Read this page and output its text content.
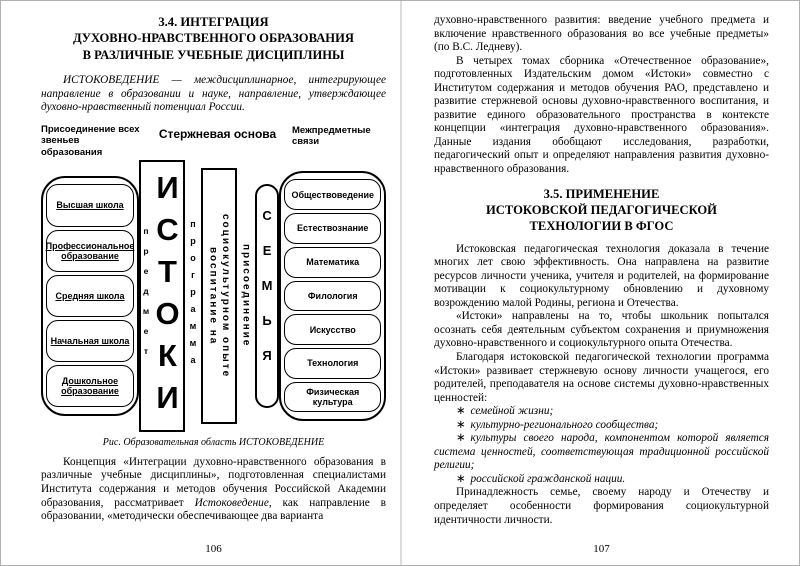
3.4. ИНТЕГРАЦИЯ
ДУХОВНО-НРАВСТВЕННОГО ОБРАЗОВАНИЯ
В РАЗЛИЧНЫЕ УЧЕБНЫЕ ДИСЦИПЛИНЫ

ИСТОКОВЕДЕНИЕ — междисциплинарное, интегрирующее направление в образовании и науке, направление, утверждающее духовно-нравственный потенциал России.

Присоединение всех звеньев образования
Стержневая основа	Межпредметные связи
Высшая школа
Профессиональное образование
Средняя школа
Начальная школа
Дошкольное образование
предмет ИСТОКИ программа воспитание на социокультурном опыте присоединение СЕМЬЯ
Обществоведение
Естествознание
Математика
Филология
Искусство
Технология
Физическая культура
Рис. Образовательная область ИСТОКОВЕДЕНИЕ

Концепция «Интеграции духовно-нравственного образования в различные учебные дисциплины», подготовленная специалистами Института содержания и методов обучения Российской Академии образования, рассматривает Истоковедение, как направление в образовании, «методически обеспечивающее два варианта

106

духовно-нравственного развития: введение учебного предмета и включение нравственного образования во все учебные предметы» (по В.С. Ледневу).

В четырех томах сборника «Отечественное образование», подготовленных Издательским домом «Истоки» совместно с Институтом содержания и методов обучения РАО, представлено и развитие стержневой основы духовно-нравственного воспитания, и развитие единого образовательного пространства в контексте концепции «интеграция духовно-нравственного образования». Данные издания обобщают исследования, разработки, педагогический опыт и определяют направления развития духовно-нравственного образования.

3.5. ПРИМЕНЕНИЕ
ИСТОКОВСКОЙ ПЕДАГОГИЧЕСКОЙ
ТЕХНОЛОГИИ В ФГОС

Истоковская педагогическая технология доказала в течение многих лет свою эффективность. Она направлена на развитие ресурсов личности ученика, учителя и родителей, на формирование мотивации к социокультурному обновлению и духовному возрождению малой Родины, региона и Отечества.

«Истоки» направлены на то, чтобы школьник попытался осознать себя деятельным субъектом сохранения и приумножения духовно-нравственного и социокультурного опыта Отечества.

Благодаря истоковской педагогической технологии программа «Истоки» развивает стержневую основу личности учащегося, его родителей, преподавателя на основе системы духовно-нравственных ценностей:

∗ семейной жизни;

∗ культурно-регионального сообщества;

∗ культуры своего народа, компонентом которой является система ценностей, соответствующая традиционной российской религии;

∗ российской гражданской нации.

Принадлежность семье, своему народу и Отечеству и определяет особенности формирования социокультурной идентичности личности.

107
